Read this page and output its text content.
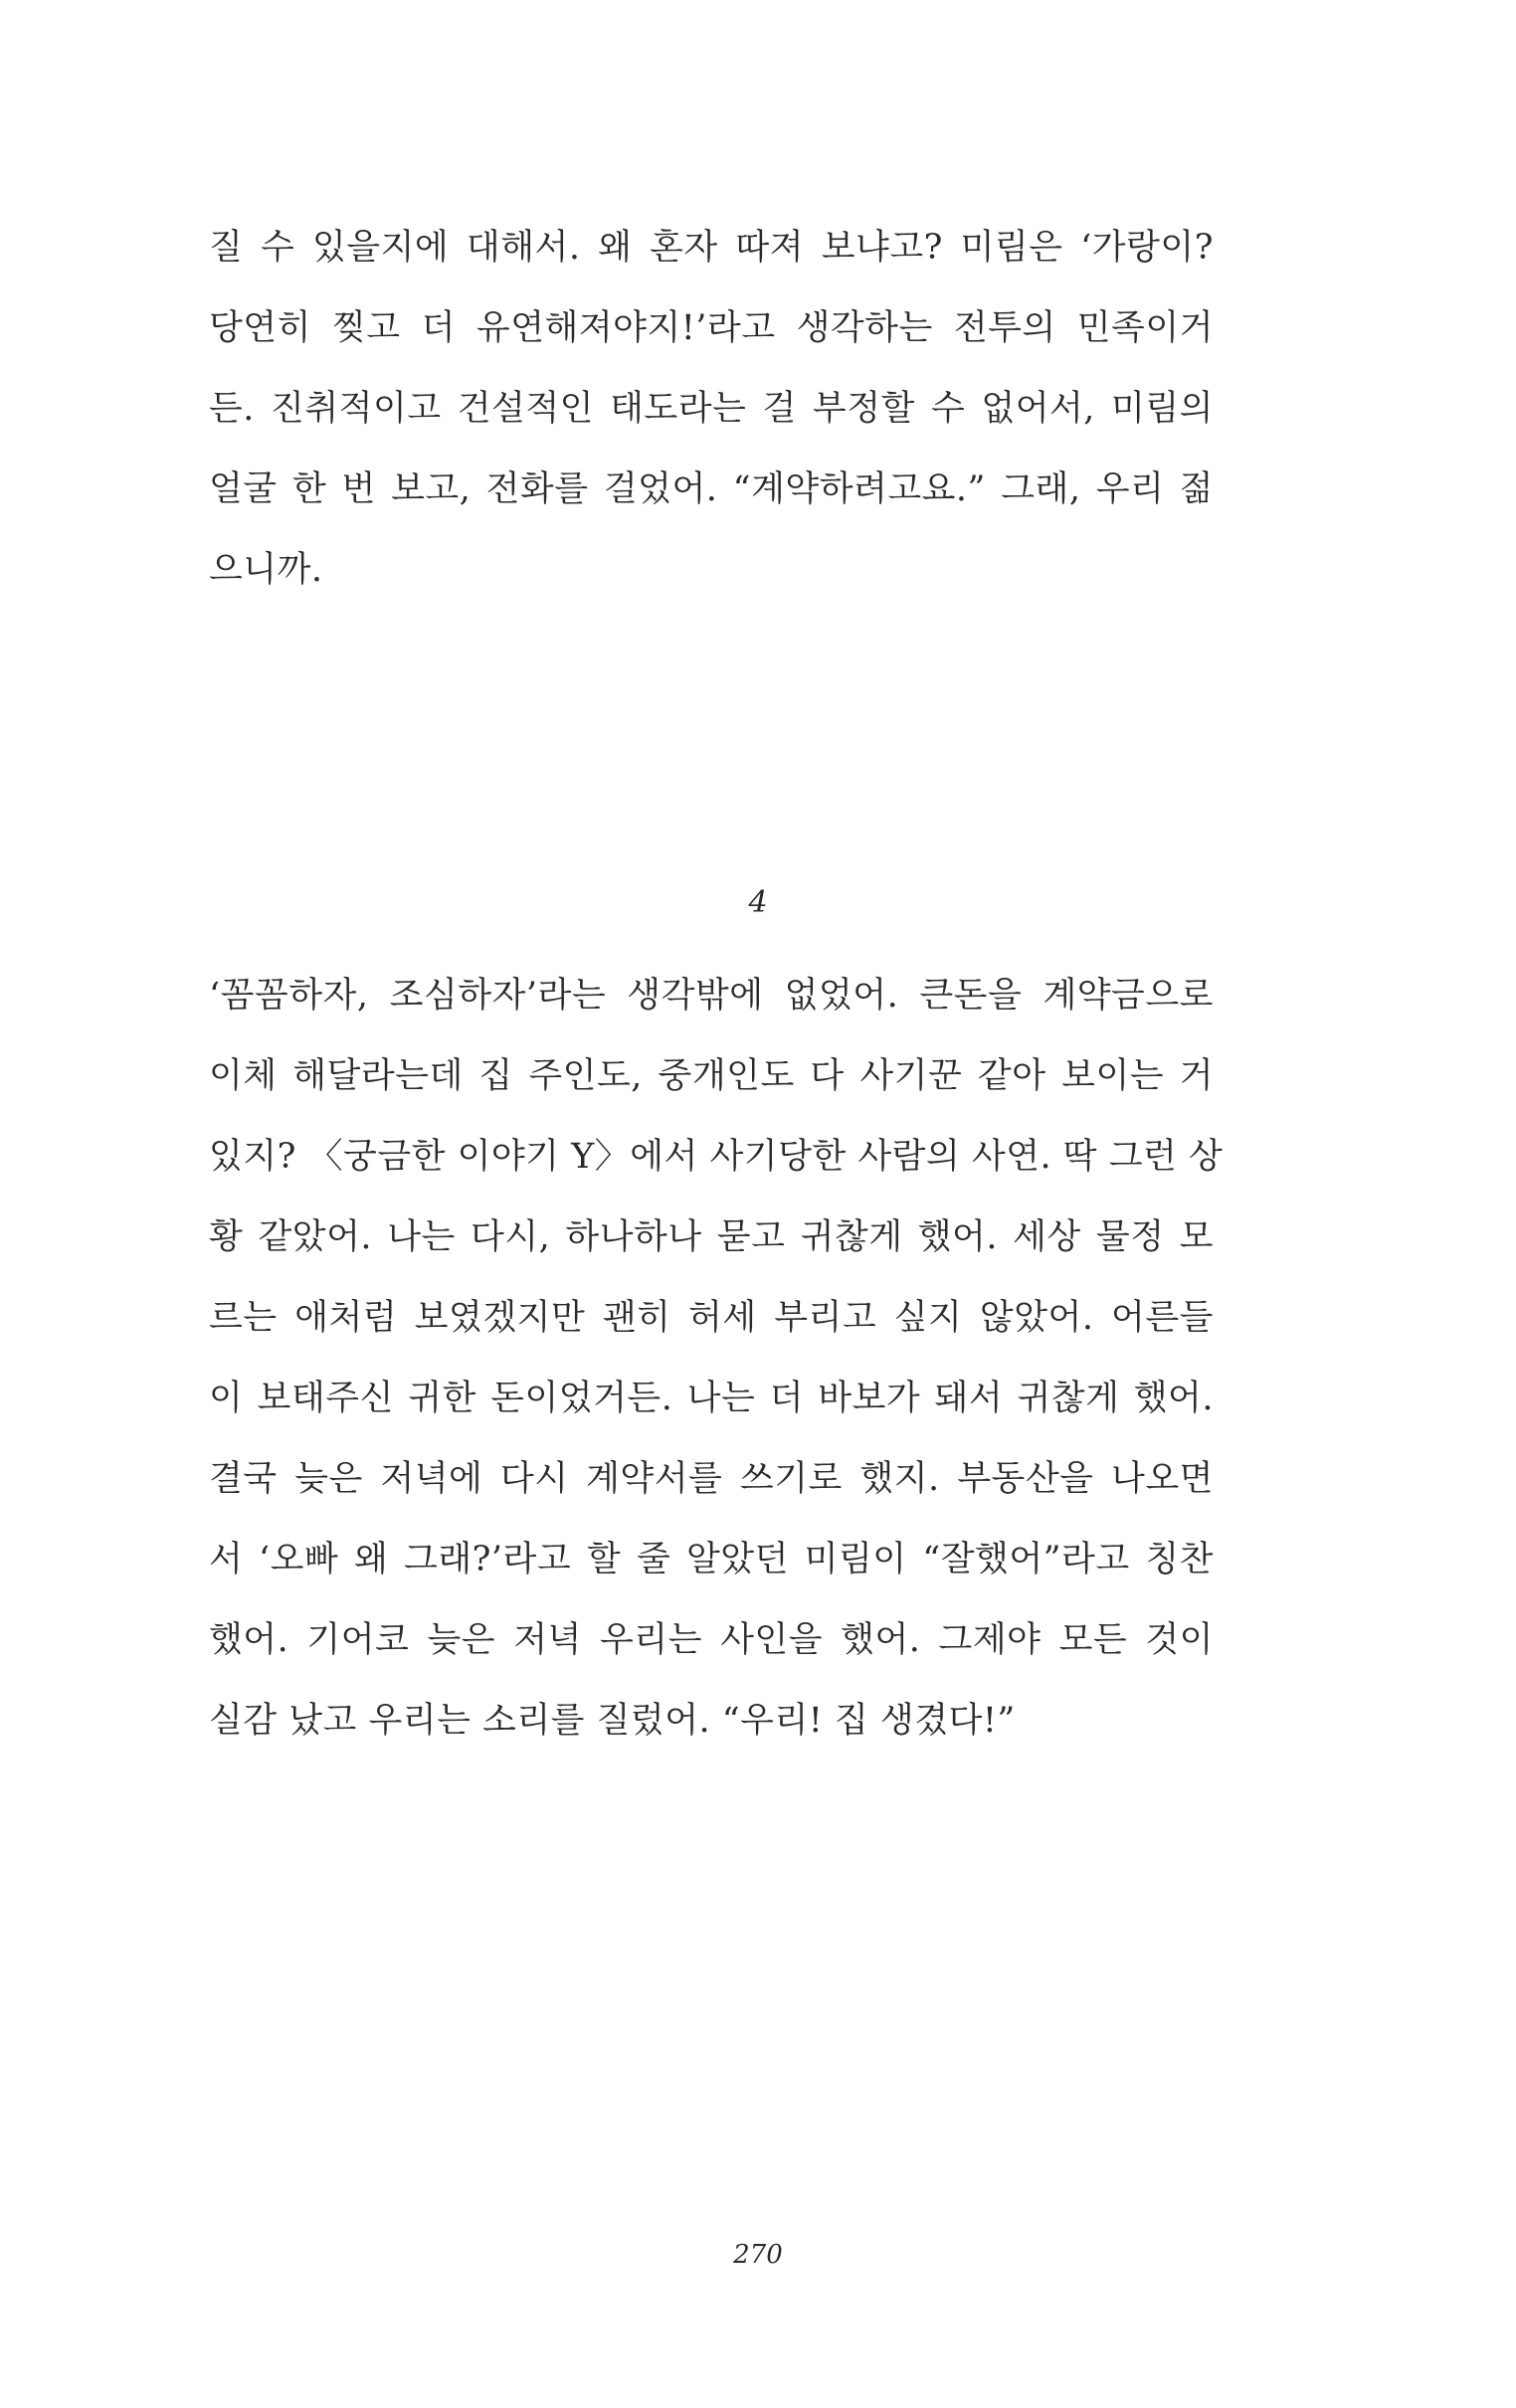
질 수 있을지에 대해서. 왜 혼자 따져 보냐고? 미림은 ‘가랑이?
당연히 찢고 더 유연해져야지!’라고 생각하는 전투의 민족이거
든. 진취적이고 건설적인 태도라는 걸 부정할 수 없어서, 미림의
얼굴 한 번 보고, 전화를 걸었어. “계약하려고요.” 그래, 우리 젊
으니까.
4
‘꼼꼼하자, 조심하자’라는 생각밖에 없었어. 큰돈을 계약금으로
이체 해달라는데 집 주인도, 중개인도 다 사기꾼 같아 보이는 거
있지? 〈궁금한 이야기 Y〉에서 사기당한 사람의 사연. 딱 그런 상
황 같았어. 나는 다시, 하나하나 묻고 귀찮게 했어. 세상 물정 모
르는 애처럼 보였겠지만 괜히 허세 부리고 싶지 않았어. 어른들
이 보태주신 귀한 돈이었거든. 나는 더 바보가 돼서 귀찮게 했어.
결국 늦은 저녁에 다시 계약서를 쓰기로 했지. 부동산을 나오면
서 ‘오빠 왜 그래?’라고 할 줄 알았던 미림이 “잘했어”라고 칭찬
했어. 기어코 늦은 저녁 우리는 사인을 했어. 그제야 모든 것이
실감 났고 우리는 소리를 질렀어. “우리! 집 생겼다!”
270
